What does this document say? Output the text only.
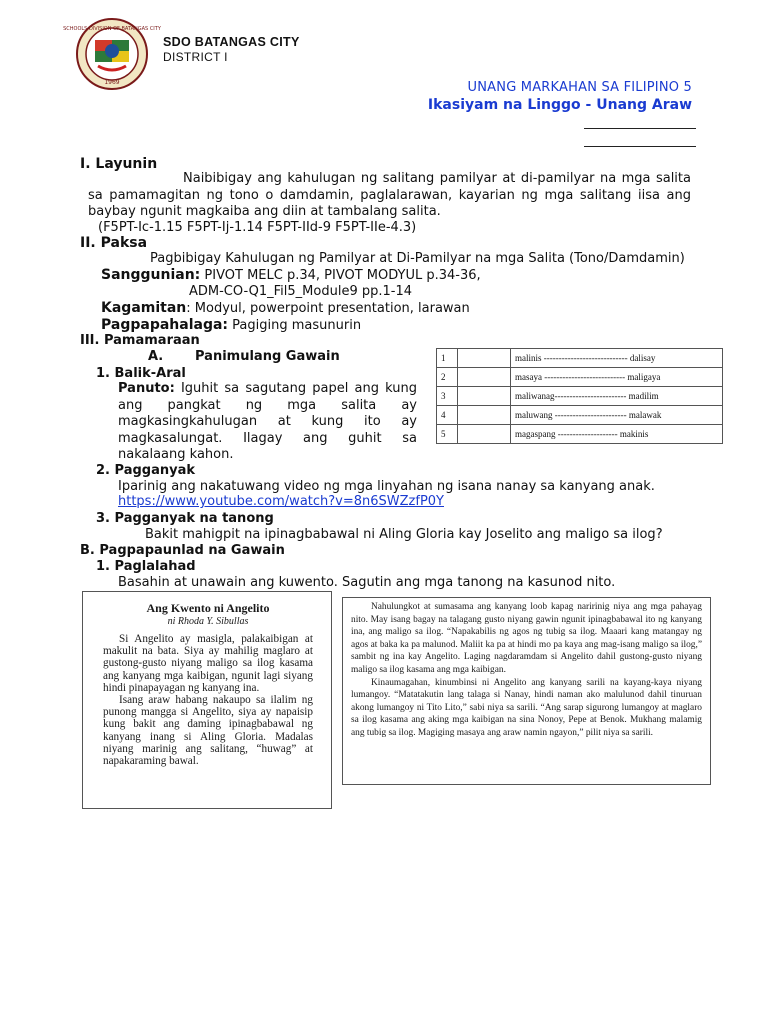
SCHOOLS DIVISION OF BATANGAS CITY
1969
SDO BATANGAS CITY
DISTRICT I
UNANG MARKAHAN SA FILIPINO 5
Ikasiyam na Linggo - Unang Araw
I. Layunin
Naibibigay ang kahulugan ng salitang pamilyar at di-pamilyar na mga salita sa pamamagitan ng tono o damdamin, paglalarawan, kayarian ng mga salitang iisa ang baybay ngunit magkaiba ang diin at tambalang salita.
(F5PT-Ic-1.15 F5PT-Ij-1.14 F5PT-IId-9 F5PT-IIe-4.3)
II. Paksa
Pagbibigay Kahulugan ng Pamilyar at Di-Pamilyar na mga Salita (Tono/Damdamin)
Sanggunian: PIVOT MELC p.34, PIVOT MODYUL p.34-36,
ADM-CO-Q1_Fil5_Module9 pp.1-14
Kagamitan: Modyul, powerpoint presentation, larawan
Pagpapahalaga: Pagiging masunurin
III. Pamamaraan
A. Panimulang Gawain
1. Balik-Aral
Panuto: Iguhit sa sagutang papel ang kung ang pangkat ng mga salita ay magkasingkahulugan at kung ito ay magkasalungat. Ilagay ang guhit sa nakalaang kahon.
1		malinis ---------------------------- dalisay
2		masaya --------------------------- maligaya
3		maliwanag------------------------ madilim
4		maluwang ------------------------ malawak
5		magaspang -------------------- makinis
2. Pagganyak
Iparinig ang nakatuwang video ng mga linyahan ng isana nanay sa kanyang anak.
https://www.youtube.com/watch?v=8n6SWZzfP0Y
3. Pagganyak na tanong
Bakit mahigpit na ipinagbabawal ni Aling Gloria kay Joselito ang maligo sa ilog?
B. Pagpapaunlad na Gawain
1. Paglalahad
Basahin at unawain ang kuwento. Sagutin ang mga tanong na kasunod nito.
Ang Kwento ni Angelito
ni Rhoda Y. Sibullas

Si Angelito ay masigla, palakaibigan at makulit na bata. Siya ay mahilig maglaro at gustong-gusto niyang maligo sa ilog kasama ang kanyang mga kaibigan, ngunit lagi siyang hindi pinapayagan ng kanyang ina.

Isang araw habang nakaupo sa ilalim ng punong mangga si Angelito, siya ay napaisip kung bakit ang daming ipinagbabawal ng kanyang inang si Aling Gloria. Madalas niyang marinig ang salitang, “huwag” at napakaraming bawal.

Nahulungkot at sumasama ang kanyang loob kapag naririnig niya ang mga pahayag nito. May isang bagay na talagang gusto niyang gawin ngunit ipinagbabawal ito ng kanyang ina, ang maligo sa ilog. “Napakabilis ng agos ng tubig sa ilog. Maaari kang matangay ng agos at baka ka pa malunod. Maliit ka pa at hindi mo pa kaya ang mag-isang maligo sa ilog,” sambit ng ina kay Angelito. Laging nagdaramdam si Angelito dahil gustong-gusto niyang maligo sa ilog kasama ang mga kaibigan.

Kinaumagahan, kinumbinsi ni Angelito ang kanyang sarili na kayang-kaya niyang lumangoy. “Matatakutin lang talaga si Nanay, hindi naman ako malulunod dahil tinuruan akong lumangoy ni Tito Lito,” sabi niya sa sarili. “Ang sarap sigurong lumangoy at maglaro sa ilog kasama ang aking mga kaibigan na sina Nonoy, Pepe at Benok. Mukhang malamig ang tubig sa ilog. Magiging masaya ang araw namin ngayon,” pilit niya sa sarili.
